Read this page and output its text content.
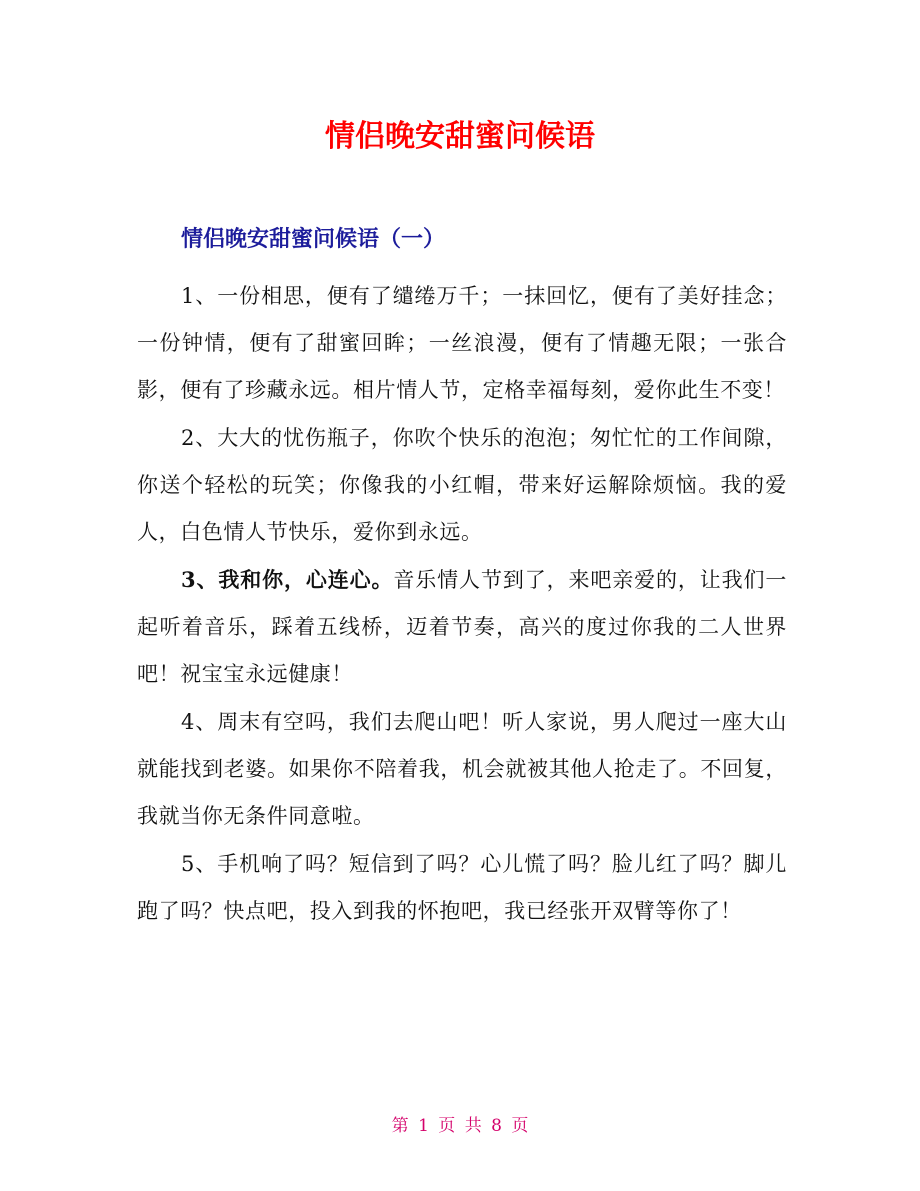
情侣晚安甜蜜问候语
情侣晚安甜蜜问候语（一）

1、一份相思，便有了缱绻万千；一抹回忆，便有了美好挂念；一份钟情，便有了甜蜜回眸；一丝浪漫，便有了情趣无限；一张合影，便有了珍藏永远。相片情人节，定格幸福每刻，爱你此生不变！

2、大大的忧伤瓶子，你吹个快乐的泡泡；匆忙忙的工作间隙，你送个轻松的玩笑；你像我的小红帽，带来好运解除烦恼。我的爱人，白色情人节快乐，爱你到永远。

3、我和你，心连心。音乐情人节到了，来吧亲爱的，让我们一起听着音乐，踩着五线桥，迈着节奏，高兴的度过你我的二人世界吧！祝宝宝永远健康！

4、周末有空吗，我们去爬山吧！听人家说，男人爬过一座大山就能找到老婆。如果你不陪着我，机会就被其他人抢走了。不回复，我就当你无条件同意啦。

5、手机响了吗？短信到了吗？心儿慌了吗？脸儿红了吗？脚儿跑了吗？快点吧，投入到我的怀抱吧，我已经张开双臂等你了！

第 1 页 共 8 页
